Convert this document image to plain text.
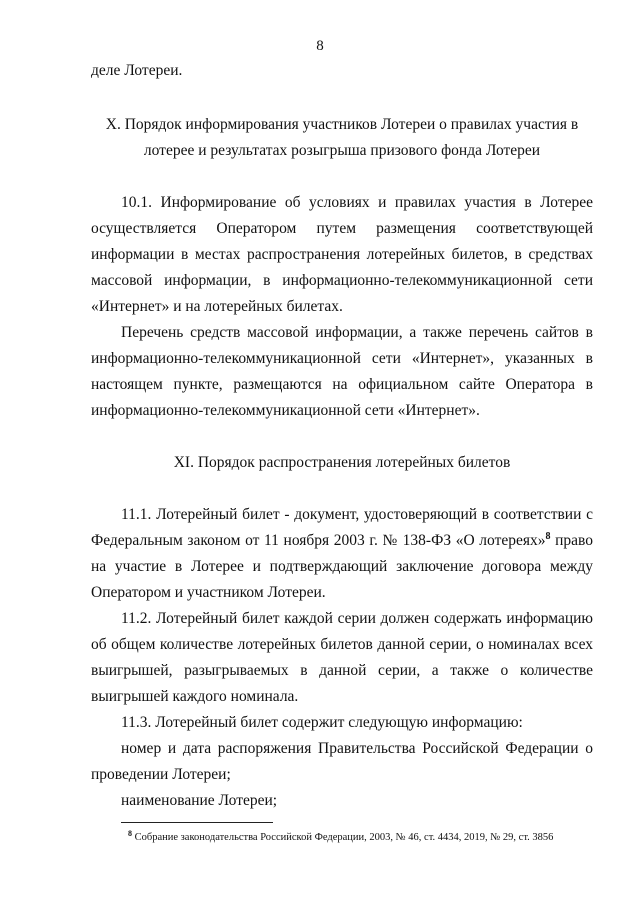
8
деле Лотереи.
X. Порядок информирования участников Лотереи о правилах участия в
лотерее и результатах розыгрыша призового фонда Лотереи
10.1. Информирование об условиях и правилах участия в Лотерее
осуществляется Оператором путем размещения соответствующей
информации в местах распространения лотерейных билетов, в средствах
массовой информации, в информационно-телекоммуникационной сети
«Интернет» и на лотерейных билетах.
Перечень средств массовой информации, а также перечень сайтов в
информационно-телекоммуникационной сети «Интернет», указанных в
настоящем пункте, размещаются на официальном сайте Оператора в
информационно-телекоммуникационной сети «Интернет».
XI. Порядок распространения лотерейных билетов
11.1. Лотерейный билет - документ, удостоверяющий в соответствии с
Федеральным законом от 11 ноября 2003 г. № 138-ФЗ «О лотереях»$^8$ право
на участие в Лотерее и подтверждающий заключение договора между
Оператором и участником Лотереи.
11.2. Лотерейный билет каждой серии должен содержать информацию
об общем количестве лотерейных билетов данной серии, о номиналах всех
выигрышей, разыгрываемых в данной серии, а также о количестве
выигрышей каждого номинала.
11.3. Лотерейный билет содержит следующую информацию:
номер и дата распоряжения Правительства Российской Федерации о
проведении Лотереи;
наименование Лотереи;
$^8$ Собрание законодательства Российской Федерации, 2003, № 46, ст. 4434, 2019, № 29, ст. 3856
